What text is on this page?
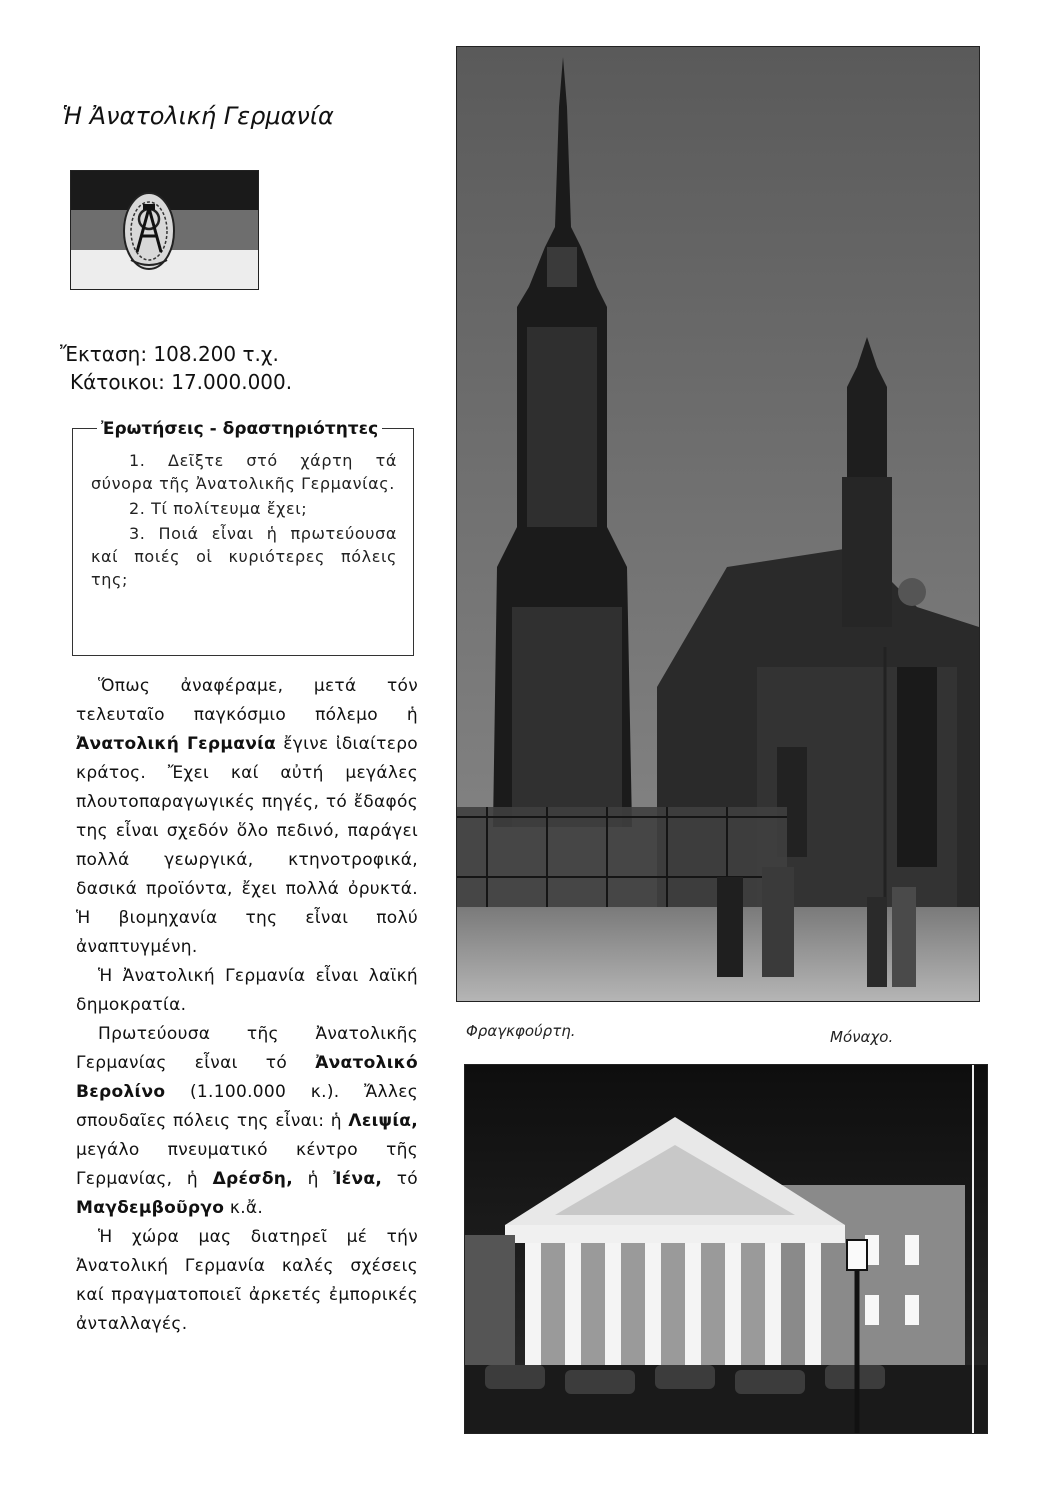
Ἡ Ἀνατολική Γερμανία
Ἔκταση: 108.200 τ.χ.
Κάτοικοι: 17.000.000.
Ἐρωτήσεις - δραστηριότητες

1. Δεῖξτε στό χάρτη τά σύνορα τῆς Ἀνατολικῆς Γερμανίας.

2. Τί πολίτευμα ἔχει;

3. Ποιά εἶναι ἡ πρωτεύουσα καί ποιές οἱ κυριότερες πόλεις της;

Ὅπως ἀναφέραμε, μετά τόν τελευταῖο παγκόσμιο πόλεμο ἡ Ἀνατολική Γερμανία ἔγινε ἰδιαίτερο κράτος. Ἔχει καί αὐτή μεγάλες πλουτοπαραγωγικές πηγές, τό ἔδαφός της εἶναι σχεδόν ὅλο πεδινό, παράγει πολλά γεωργικά, κτηνοτροφικά, δασικά προϊόντα, ἔχει πολλά ὀρυκτά. Ἡ βιομηχανία της εἶναι πολύ ἀναπτυγμένη.

Ἡ Ἀνατολική Γερμανία εἶναι λαϊκή δημοκρατία.

Πρωτεύουσα τῆς Ἀνατολικῆς Γερμανίας εἶναι τό Ἀνατολικό Βερολίνο (1.100.000 κ.). Ἄλλες σπουδαῖες πόλεις της εἶναι: ἡ Λειψία, μεγάλο πνευματικό κέντρο τῆς Γερμανίας, ἡ Δρέσδη, ἡ Ἰένα, τό Μαγδεμβοῦργο κ.ἄ.

Ἡ χώρα μας διατηρεῖ μέ τήν Ἀνατολική Γερμανία καλές σχέσεις καί πραγματοποιεῖ ἀρκετές ἐμπορικές ἀνταλλαγές.

Φραγκφούρτη.	Μόναχο.
